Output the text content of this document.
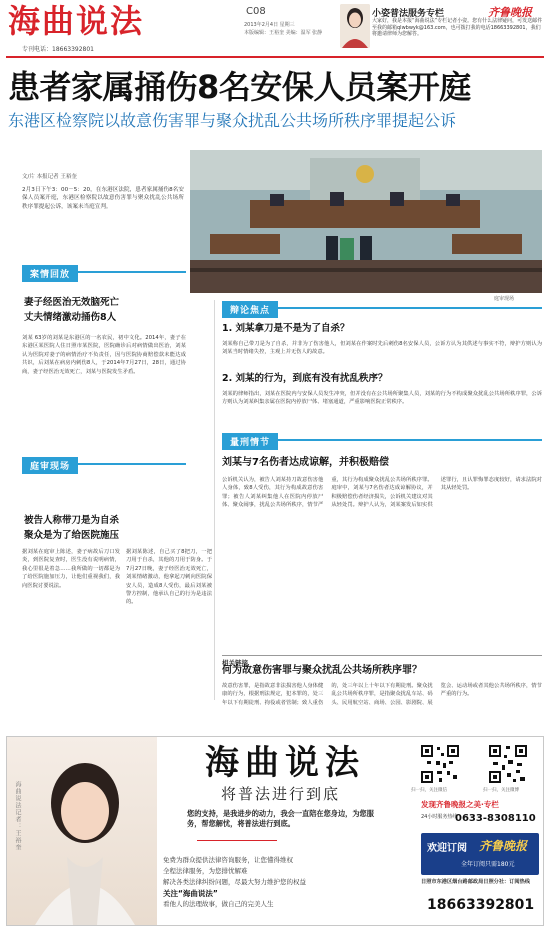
海曲说法	C08
2013年2月4日 星期三
本版编辑：王裕奎 美编：温军 张静
专刊电话：18663392801
小姿普法服务专栏	齐鲁晚报
大家好，我是本报“海曲说法”专栏记者小姿。您有什么法律疑问，可发送邮件至我的邮箱qlwbwyk@163.com，也可拨打我的电话18663392801，我们将邀请律师为您解答。
患者家属捅伤8名安保人员案开庭
东港区检察院以故意伤害罪与聚众扰乱公共场所秩序罪提起公诉
文/片 本报记者 王裕奎
2月3日下午3：00－5：20，在东港区法院，患者家属捅伤8名安保人员案开庭，东港区检察院以故意伤害罪与聚众扰乱公共场所秩序罪提起公诉，该案未当庭宣判。
庭审现场
案情回放
妻子经医治无效脑死亡
丈夫情绪激动捅伤8人
刘某 63岁的刘某是东港区的一名农民，初中文化。2014年，妻子在东港区某医院人住日照市某医院，医院确诊后对病情做出医治，刘某认为医院对妻子的病情治疗不负责任，因与医院协商赔偿款未能达成共识，后刘某在病房内刺伤8人，于2014年7月27日，28日，通过协商，妻子经医治无效死亡，刘某与医院发生矛盾。
庭审现场
被告人称带刀是为自杀
聚众是为了给医院施压
据刘某在庭审上陈述，妻子病故后刀口发炎，到医院复查时，医生没有说明病情，我心里很是着急……我所做的一切都是为了给医院施加压力，让他们重视我们，我向医院讨要说法。
据刘某陈述，自己买了8把刀，一把刀用于自杀，其他的刀用于防身。于7月27日晚，妻子经医治无效死亡，刘某情绪激动，他拿起刀刺向医院保安人员，造成8人受伤，最后刘某被警方控制，他承认自己的行为是违法的。
辩论焦点
1. 刘某拿刀是不是为了自杀？
刘某称自己带刀是为了自杀，并非为了伤害他人，但刘某在作案时先后刺伤8名安保人员，公诉方认为其供述与事实不符，辩护方则认为刘某当时情绪失控，主观上并无伤人的故意。
2. 刘某的行为，到底有没有扰乱秩序？
刘某的律师指出，刘某在医院内与安保人员发生冲突，但并没有在公共场所聚集人员，刘某的行为不构成聚众扰乱公共场所秩序罪，公诉方则认为刘某纠集亲属在医院内停放尸体、堵塞通道，严重影响医院正常秩序。
量刑情节
刘某与7名伤者达成谅解，并积极赔偿
公诉机关认为，被告人刘某持刀故意伤害他人身体，致8人受伤，其行为构成故意伤害罪；被告人刘某纠集他人在医院内停放尸体、聚众闹事，扰乱公共场所秩序，情节严重，其行为构成聚众扰乱公共场所秩序罪。庭审中，刘某与7名伤者达成谅解协议，并积极赔偿伤者经济损失，公诉机关建议对其从轻处罚。辩护人认为，刘某案发后如实供述罪行，且认罪悔罪态度较好，请求法院对其从轻处罚。
相关链接
何为故意伤害罪与聚众扰乱公共场所秩序罪？
故意伤害罪，是指故意非法损害他人身体健康的行为，根据刑法规定，犯本罪的，处三年以下有期徒刑、拘役或者管制；致人重伤的，处三年以上十年以下有期徒刑。聚众扰乱公共场所秩序罪，是指聚众扰乱车站、码头、民用航空站、商场、公园、影剧院、展览会、运动场或者其他公共场所秩序，情节严重的行为。
海曲说法记者：王裕奎
海曲说法
将普法进行到底
您的支持，是我进步的动力，我会一直陪在您身边，为您服务，帮您解忧，将普法进行到底。
免费为群众提供法律咨询服务，让您懂得维权
全程法律服务，为您排忧解难
解决各类法律纠纷问题，尽最大努力维护您的权益
关注“海曲说法”
看他人的法理故事，做自己的完美人生
扫一扫，关注微信	扫一扫，关注微博
发现齐鲁晚报之美·专栏
24小时服务热线
0633-8308110
欢迎订阅 齐鲁晚报
全年订阅只需180元
日照市东港区烟台路邮政局日照分社：订阅热线
18663392801
